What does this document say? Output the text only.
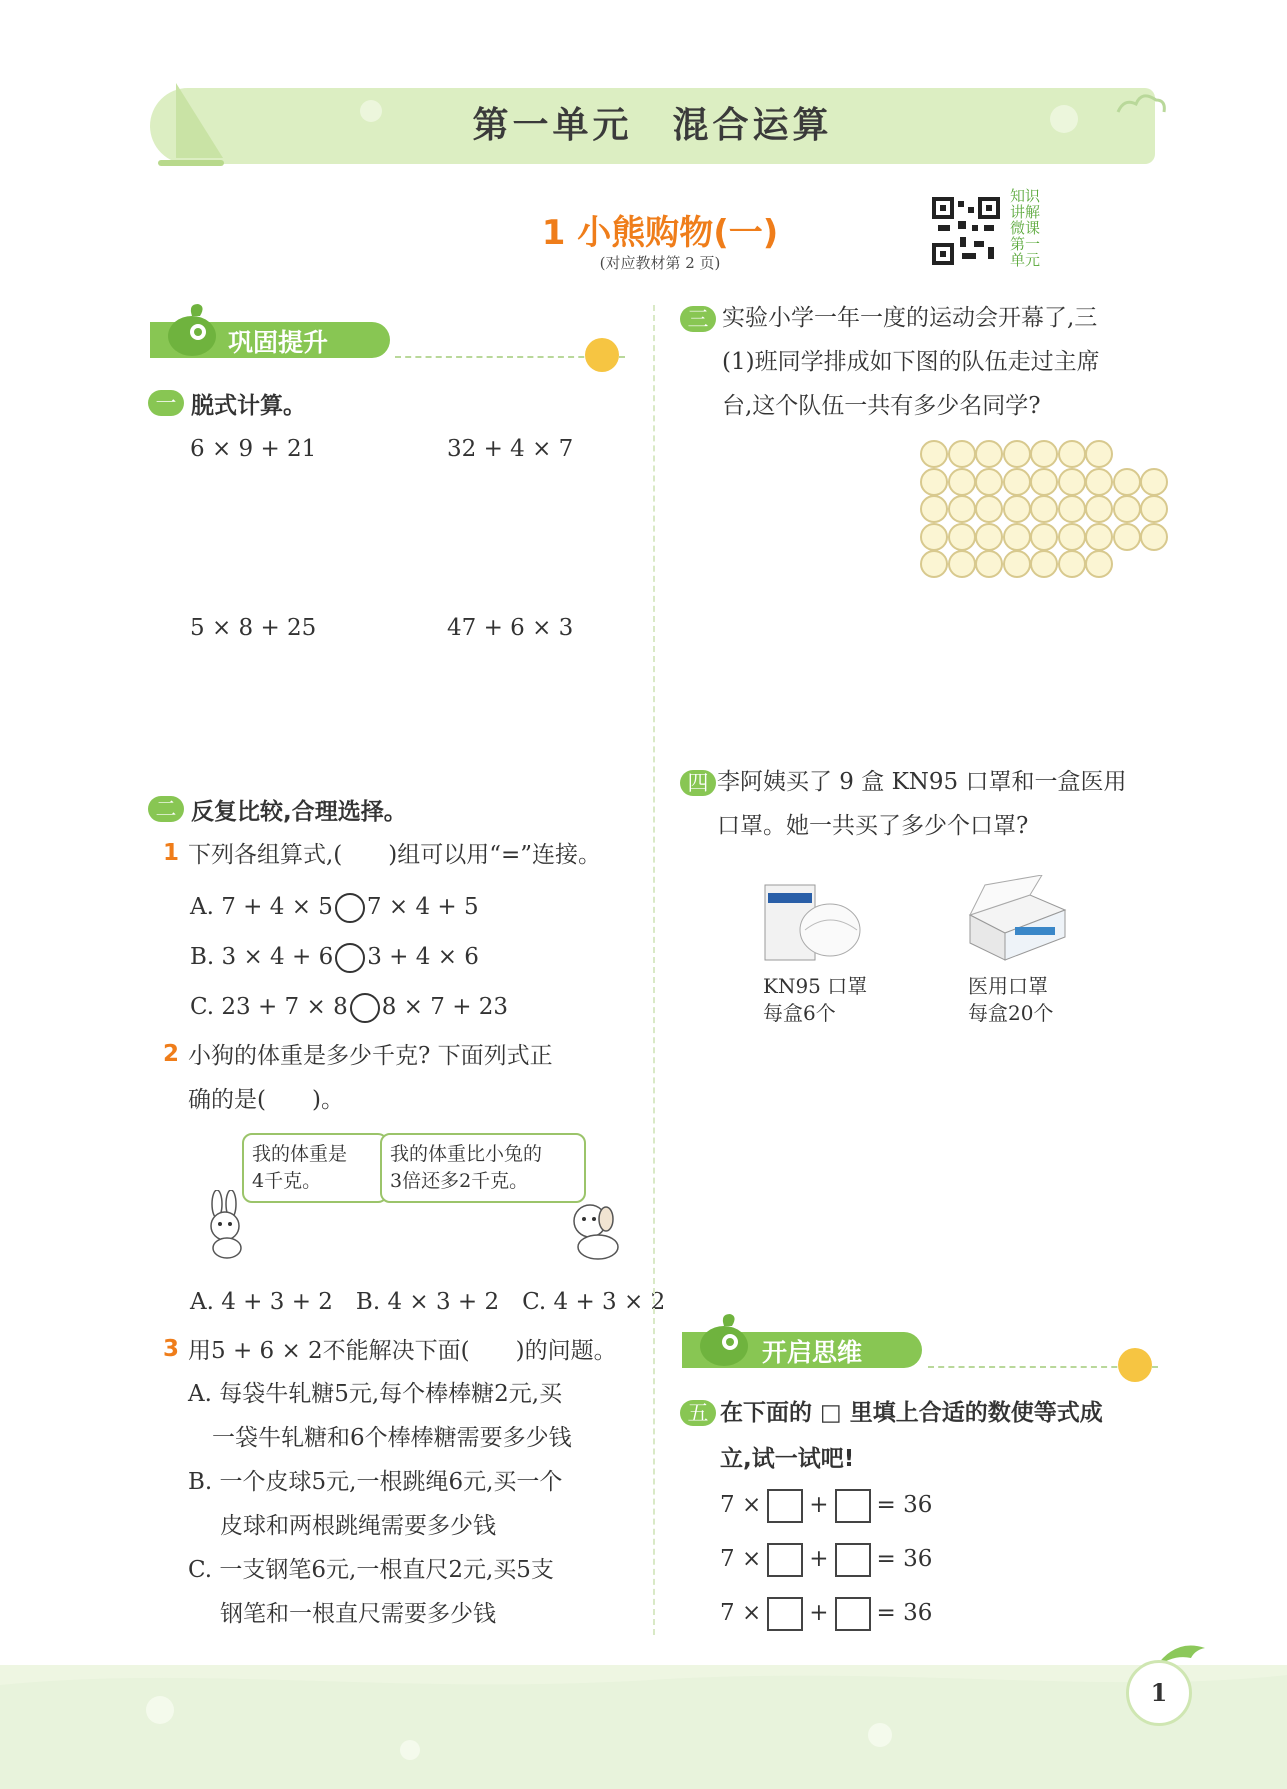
第一单元　混合运算
1 小熊购物(一)
(对应教材第 2 页)
知识讲解微课 第一单元
巩固提升
一 脱式计算。
6 × 9 + 21	32 + 4 × 7
5 × 8 + 25	47 + 6 × 3
二 反复比较,合理选择。
1 下列各组算式,(　　)组可以用“=”连接。
A. 7 + 4 × 5 7 × 4 + 5
B. 3 × 4 + 6 3 + 4 × 6
C. 23 + 7 × 8 8 × 7 + 23
2 小狗的体重是多少千克? 下面列式正
确的是(　　)。
我的体重是
4千克。
我的体重比小兔的
3倍还多2千克。
A. 4 + 3 + 2　B. 4 × 3 + 2　C. 4 + 3 × 2
3 用5 + 6 × 2不能解决下面(　　)的问题。
A. 每袋牛轧糖5元,每个棒棒糖2元,买
一袋牛轧糖和6个棒棒糖需要多少钱
B. 一个皮球5元,一根跳绳6元,买一个
皮球和两根跳绳需要多少钱
C. 一支钢笔6元,一根直尺2元,买5支
钢笔和一根直尺需要多少钱
三 实验小学一年一度的运动会开幕了,三
(1)班同学排成如下图的队伍走过主席
台,这个队伍一共有多少名同学?
四 李阿姨买了 9 盒 KN95 口罩和一盒医用
口罩。她一共买了多少个口罩?
KN95 口罩
每盒6个
医用口罩
每盒20个
开启思维
五 在下面的 □ 里填上合适的数使等式成
立,试一试吧!
7 × + = 36
7 × + = 36
7 × + = 36
1
